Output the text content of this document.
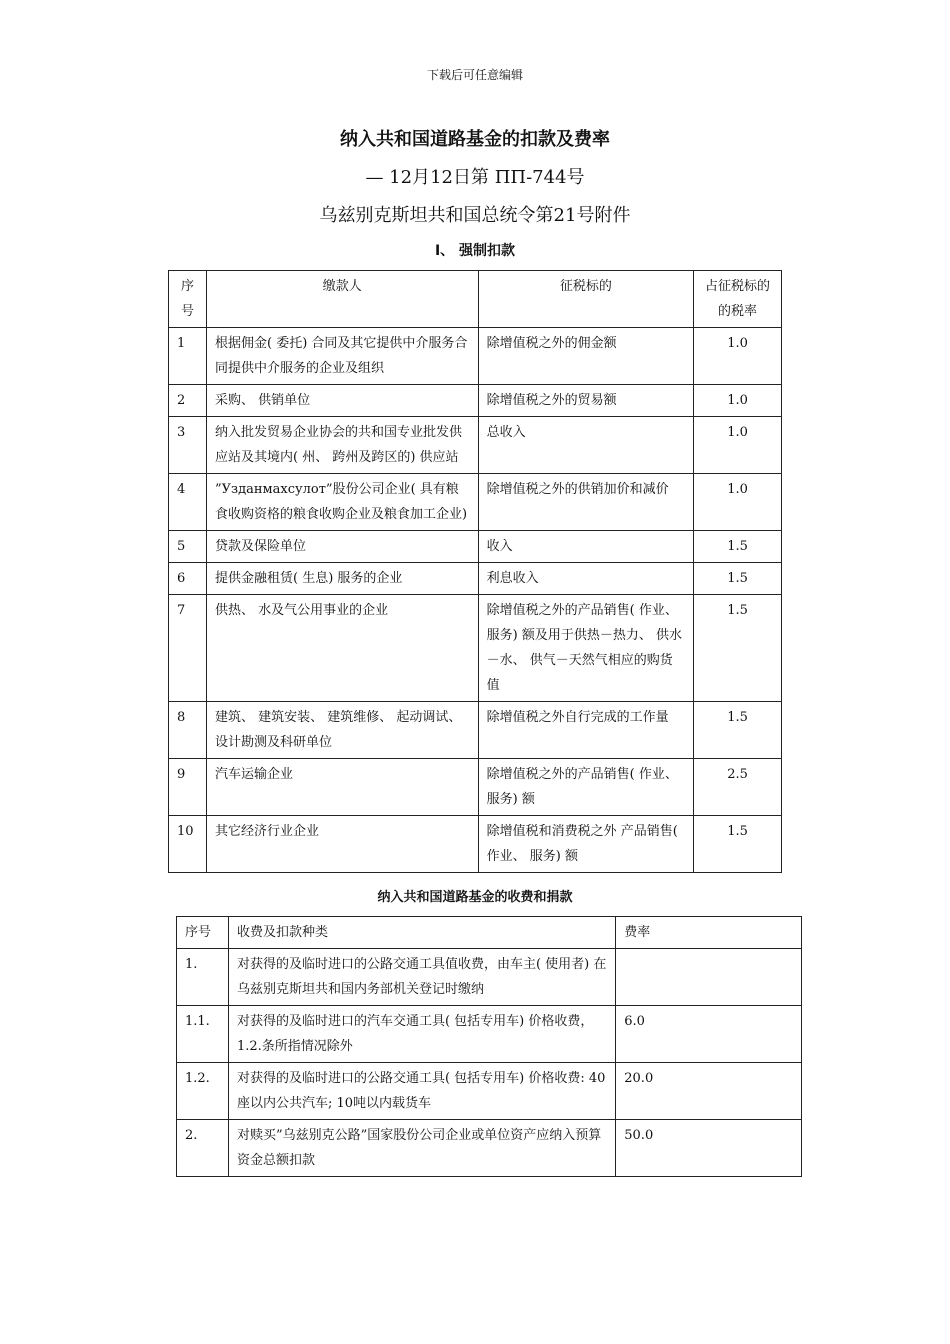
下载后可任意编辑
纳入共和国道路基金的扣款及费率
— 12月12日第 ПП-744号
乌兹别克斯坦共和国总统令第21号附件
Ⅰ、 强制扣款
序号	缴款人	征税标的	占征税标的的税率
1	根据佣金( 委托) 合同及其它提供中介服务合同提供中介服务的企业及组织	除增值税之外的佣金额	1.0
2	采购、 供销单位	除增值税之外的贸易额	1.0
3	纳入批发贸易企业协会的共和国专业批发供应站及其境内( 州、 跨州及跨区的) 供应站	总收入	1.0
4	”Узданмахсулот”股份公司企业( 具有粮食收购资格的粮食收购企业及粮食加工企业)	除增值税之外的供销加价和减价	1.0
5	贷款及保险单位	收入	1.5
6	提供金融租赁( 生息) 服务的企业	利息收入	1.5
7	供热、 水及气公用事业的企业	除增值税之外的产品销售( 作业、 服务) 额及用于供热－热力、 供水－水、 供气－天然气相应的购货值	1.5
8	建筑、 建筑安装、 建筑维修、 起动调试、 设计勘测及科研单位	除增值税之外自行完成的工作量	1.5
9	汽车运输企业	除增值税之外的产品销售( 作业、 服务) 额	2.5
10	其它经济行业企业	除增值税和消费税之外 产品销售( 作业、 服务) 额	1.5
纳入共和国道路基金的收费和捐款
序号	收费及扣款种类	费率
1.	对获得的及临时进口的公路交通工具值收费，由车主( 使用者) 在乌兹别克斯坦共和国内务部机关登记时缴纳	
1.1.	对获得的及临时进口的汽车交通工具( 包括专用车) 价格收费，1.2.条所指情况除外	6.0
1.2.	对获得的及临时进口的公路交通工具( 包括专用车) 价格收费: 40座以内公共汽车; 10吨以内载货车	20.0
2.	对赎买”乌兹别克公路”国家股份公司企业或单位资产应纳入预算资金总额扣款	50.0
